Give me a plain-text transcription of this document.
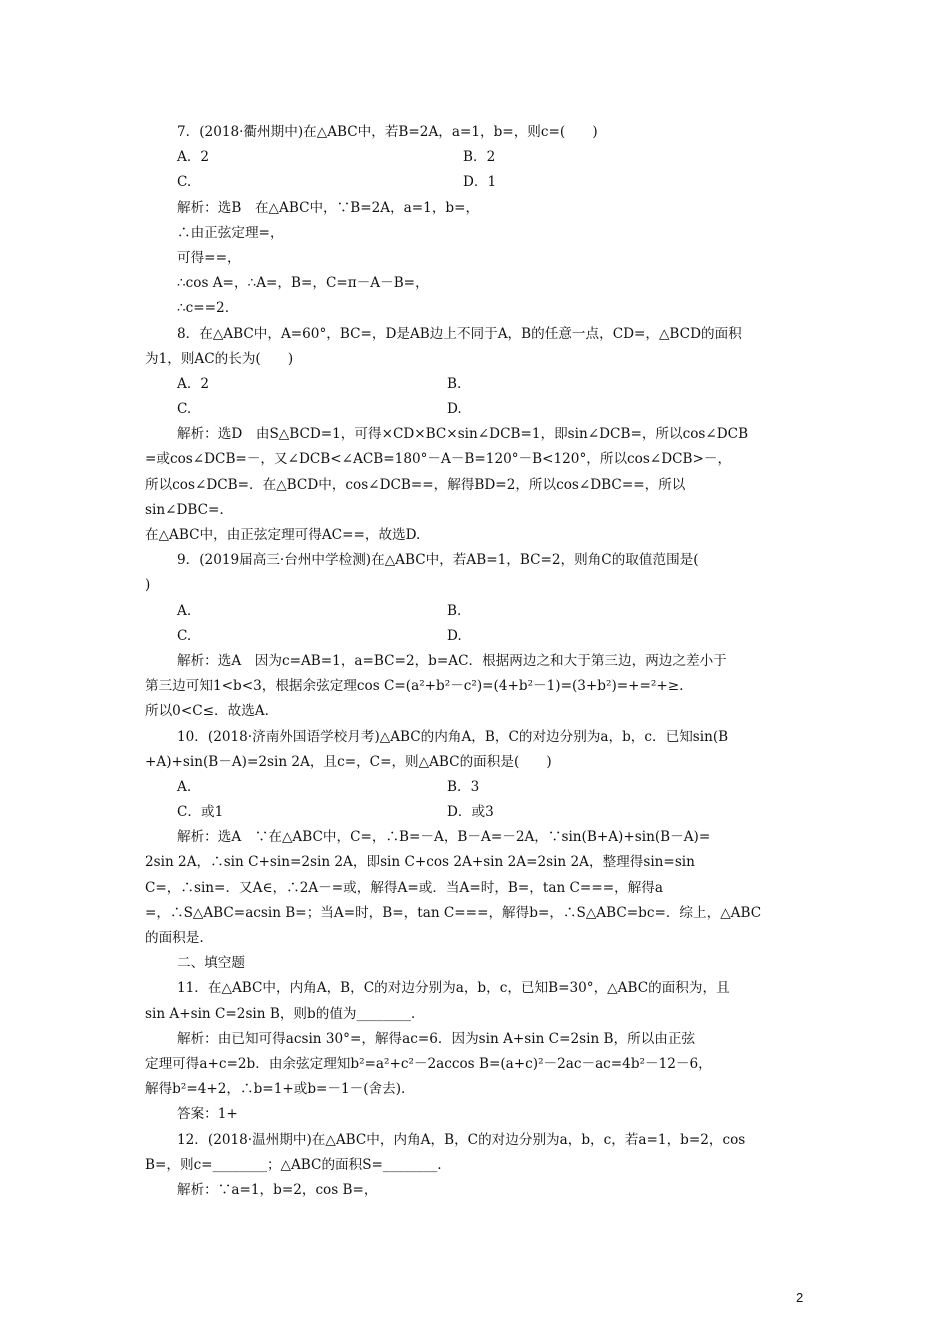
7．(2018·衢州期中)在△ABC中，若B=2A，a=1，b=，则c=(　　)
A．2	B．2
C.	D．1
解析：选B　在△ABC中，∵B=2A，a=1，b=，
∴由正弦定理=，
可得==，
∴cos A=，∴A=，B=，C=π－A－B=，
∴c==2.
8．在△ABC中，A=60°，BC=，D是AB边上不同于A，B的任意一点，CD=，△BCD的面积
为1，则AC的长为(　　)
A．2	B.
C.	D.
解析：选D　由S△BCD=1，可得×CD×BC×sin∠DCB=1，即sin∠DCB=，所以cos∠DCB
=或cos∠DCB=－，又∠DCB<∠ACB=180°－A－B=120°－B<120°，所以cos∠DCB>－，
所以cos∠DCB=．在△BCD中，cos∠DCB==，解得BD=2，所以cos∠DBC==，所以
sin∠DBC=.
在△ABC中，由正弦定理可得AC==，故选D.
9．(2019届高三·台州中学检测)在△ABC中，若AB=1，BC=2，则角C的取值范围是(
)
A.	B.
C.	D.
解析：选A　因为c=AB=1，a=BC=2，b=AC．根据两边之和大于第三边，两边之差小于
第三边可知1<b<3，根据余弦定理cos C=(a²+b²－c²)=(4+b²－1)=(3+b²)=+=²+≥.
所以0<C≤．故选A.
10．(2018·济南外国语学校月考)△ABC的内角A，B，C的对边分别为a，b，c．已知sin(B
+A)+sin(B－A)=2sin 2A，且c=，C=，则△ABC的面积是(　　)
A.	B．3
C．或1	D．或3
解析：选A　∵在△ABC中，C=，∴B=－A，B－A=－2A，∵sin(B+A)+sin(B－A)=
2sin 2A，∴sin C+sin=2sin 2A，即sin C+cos 2A+sin 2A=2sin 2A，整理得sin=sin
C=，∴sin=．又A∈，∴2A－=或，解得A=或．当A=时，B=，tan C===，解得a
=，∴S△ABC=acsin B=；当A=时，B=，tan C===，解得b=，∴S△ABC=bc=．综上，△ABC
的面积是.
二、填空题
11．在△ABC中，内角A，B，C的对边分别为a，b，c，已知B=30°，△ABC的面积为，且
sin A+sin C=2sin B，则b的值为________.
解析：由已知可得acsin 30°=，解得ac=6．因为sin A+sin C=2sin B，所以由正弦
定理可得a+c=2b．由余弦定理知b²=a²+c²－2accos B=(a+c)²－2ac－ac=4b²－12－6，
解得b²=4+2，∴b=1+或b=－1－(舍去).
答案：1+
12．(2018·温州期中)在△ABC中，内角A，B，C的对边分别为a，b，c，若a=1，b=2，cos
B=，则c=________；△ABC的面积S=________.
解析：∵a=1，b=2，cos B=，
2
